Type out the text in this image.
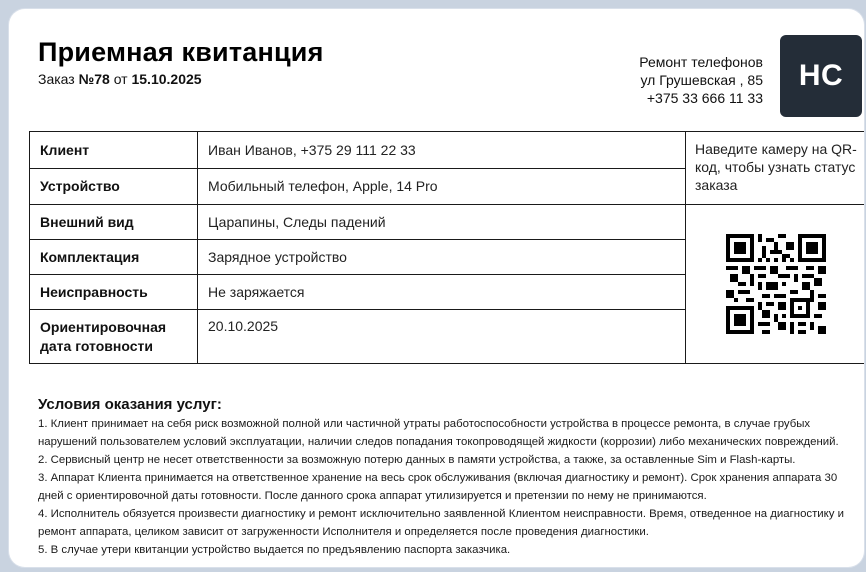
Приемная квитанция
Заказ №78 от 15.10.2025
Ремонт телефонов
ул Грушевская , 85
+375 33 666 11 33
HC
Клиент	Иван Иванов, +375 29 111 22 33	Наведите камеру на QR-код, чтобы узнать статус заказа
Устройство	Мобильный телефон, Apple, 14 Pro	
Внешний вид	Царапины, Следы падений	

Комплектация	Зарядное устройство	
Неисправность	Не заряжается	
Ориентировочная дата готовности	20.10.2025	
Условия оказания услуг:

1. Клиент принимает на себя риск возможной полной или частичной утраты работоспособности устройства в процессе ремонта, в случае грубых нарушений пользователем условий эксплуатации, наличии следов попадания токопроводящей жидкости (коррозии) либо механических повреждений.

2. Сервисный центр не несет ответственности за возможную потерю данных в памяти устройства, а также, за оставленные Sim и Flash-карты.

3. Аппарат Клиента принимается на ответственное хранение на весь срок обслуживания (включая диагностику и ремонт). Срок хранения аппарата 30 дней с ориентировочной даты готовности. После данного срока аппарат утилизируется и претензии по нему не принимаются.

4. Исполнитель обязуется произвести диагностику и ремонт исключительно заявленной Клиентом неисправности. Время, отведенное на диагностику и ремонт аппарата, целиком зависит от загруженности Исполнителя и определяется после проведения диагностики.

5. В случае утери квитанции устройство выдается по предъявлению паспорта заказчика.
